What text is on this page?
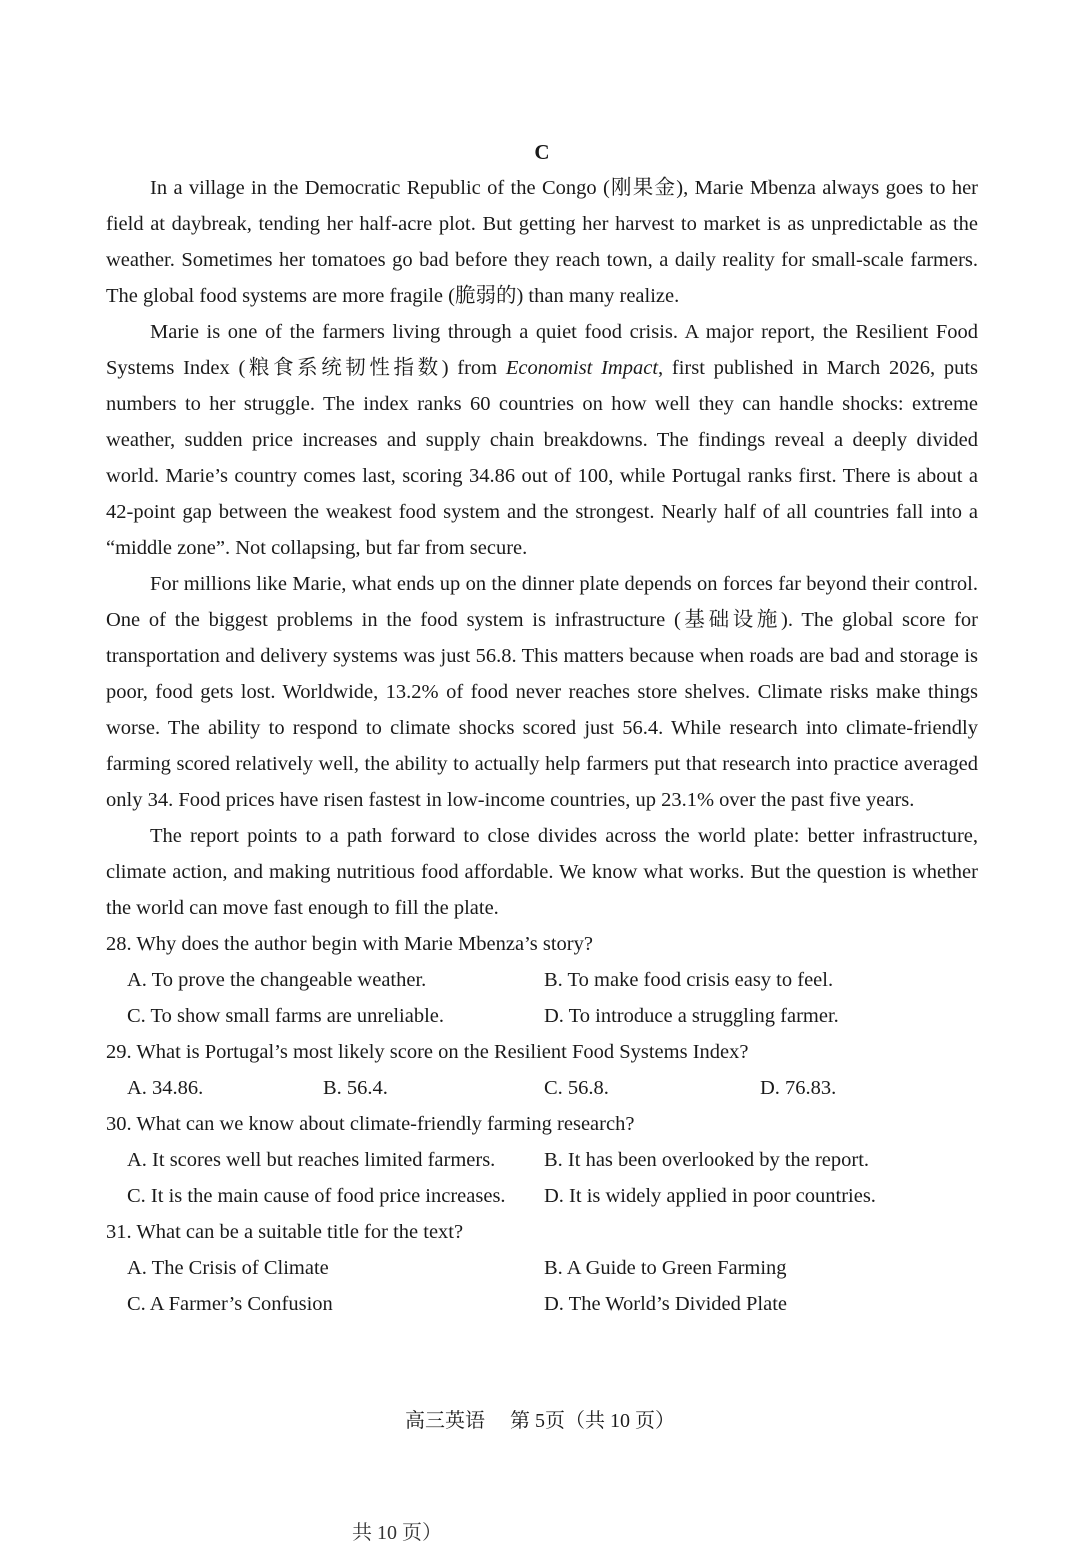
C

In a village in the Democratic Republic of the Congo (刚果金), Marie Mbenza always goes to her field at daybreak, tending her half-acre plot. But getting her harvest to market is as unpredictable as the weather. Sometimes her tomatoes go bad before they reach town, a daily reality for small-scale farmers. The global food systems are more fragile (脆弱的) than many realize.

Marie is one of the farmers living through a quiet food crisis. A major report, the Resilient Food Systems Index (粮食系统韧性指数) from Economist Impact, first published in March 2026, puts numbers to her struggle. The index ranks 60 countries on how well they can handle shocks: extreme weather, sudden price increases and supply chain breakdowns. The findings reveal a deeply divided world. Marie’s country comes last, scoring 34.86 out of 100, while Portugal ranks first. There is about a 42-point gap between the weakest food system and the strongest. Nearly half of all countries fall into a “middle zone”. Not collapsing, but far from secure.

For millions like Marie, what ends up on the dinner plate depends on forces far beyond their control. One of the biggest problems in the food system is infrastructure (基础设施). The global score for transportation and delivery systems was just 56.8. This matters because when roads are bad and storage is poor, food gets lost. Worldwide, 13.2% of food never reaches store shelves. Climate risks make things worse. The ability to respond to climate shocks scored just 56.4. While research into climate-friendly farming scored relatively well, the ability to actually help farmers put that research into practice averaged only 34. Food prices have risen fastest in low-income countries, up 23.1% over the past five years.

The report points to a path forward to close divides across the world plate: better infrastructure, climate action, and making nutritious food affordable. We know what works. But the question is whether the world can move fast enough to fill the plate.

28. Why does the author begin with Marie Mbenza’s story?

A. To prove the changeable weather.	B. To make food crisis easy to feel.
C. To show small farms are unreliable.	D. To introduce a struggling farmer.

29. What is Portugal’s most likely score on the Resilient Food Systems Index?

A. 34.86.	B. 56.4.	C. 56.8.	D. 76.83.

30. What can we know about climate-friendly farming research?

A. It scores well but reaches limited farmers.	B. It has been overlooked by the report.
C. It is the main cause of food price increases.	D. It is widely applied in poor countries.

31. What can be a suitable title for the text?

A. The Crisis of Climate	B. A Guide to Green Farming
C. A Farmer’s Confusion	D. The World’s Divided Plate
高三英语 第 5页（共 10 页）
共 10 页）
